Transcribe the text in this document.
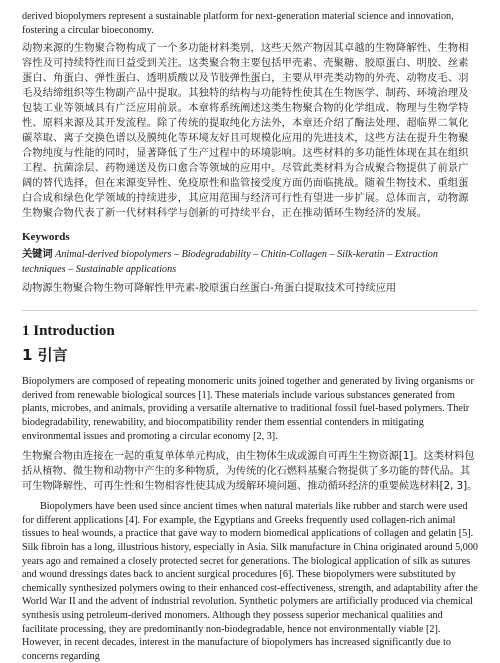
derived biopolymers represent a sustainable platform for next-generation material science and innovation, fostering a circular bioeconomy.

动物来源的生物聚合物构成了一个多功能材料类别，这些天然产物因其卓越的生物降解性、生物相容性及可持续特性而日益受到关注。这类聚合物主要包括甲壳素、壳聚糖、胶原蛋白、明胶、丝素蛋白、角蛋白、弹性蛋白、透明质酸以及节肢弹性蛋白，主要从甲壳类动物的外壳、动物皮毛、羽毛及结缔组织等生物副产品中提取。其独特的结构与功能特性使其在生物医学、制药、环境治理及包装工业等领域具有广泛应用前景。本章将系统阐述这类生物聚合物的化学组成、物理与生物学特性、原料来源及其开发流程。除了传统的提取纯化方法外，本章还介绍了酶法处理、超临界二氧化碳萃取、离子交换色谱以及膜纯化等环境友好且可规模化应用的先进技术，这些方法在提升生物聚合物纯度与性能的同时，显著降低了生产过程中的环境影响。这些材料的多功能性体现在其在组织工程、抗菌涂层、药物递送及伤口愈合等领域的应用中。尽管此类材料为合成聚合物提供了前景广阔的替代选择，但在来源变异性、免疫原性和监管接受度方面仍面临挑战。随着生物技术、重组蛋白合成和绿色化学领域的持续进步，其应用范围与经济可行性有望进一步扩展。总体而言，动物源生物聚合物代表了新一代材料科学与创新的可持续平台，正在推动循环生物经济的发展。

Keywords

关键词 Animal-derived biopolymers – Biodegradability – Chitin-Collagen – Silk-keratin – Extraction techniques – Sustainable applications

动物源生物聚合物生物可降解性甲壳素-胶原蛋白丝蛋白-角蛋白提取技术可持续应用

1 Introduction
1 引言

Biopolymers are composed of repeating monomeric units joined together and generated by living organisms or derived from renewable biological sources [1]. These materials include various substances generated from plants, microbes, and animals, providing a versatile alternative to traditional fossil fuel-based polymers. Their biodegradability, renewability, and biocompatibility render them essential contenders in mitigating environmental issues and promoting a circular economy [2, 3].

生物聚合物由连接在一起的重复单体单元构成，由生物体生成或源自可再生生物资源[1]。这类材料包括从植物、微生物和动物中产生的多种物质，为传统的化石燃料基聚合物提供了多功能的替代品。其可生物降解性、可再生性和生物相容性使其成为缓解环境问题、推动循环经济的重要候选材料[2, 3]。

Biopolymers have been used since ancient times when natural materials like rubber and starch were used for different applications [4]. For example, the Egyptians and Greeks frequently used collagen-rich animal tissues to heal wounds, a practice that gave way to modern biomedical applications of collagen and gelatin [5]. Silk fibroin has a long, illustrious history, especially in Asia. Silk manufacture in China originated around 5,000 years ago and remained a closely protected secret for generations. The biological application of silk as sutures and wound dressings dates back to ancient surgical procedures [6]. These biopolymers were substituted by chemically synthesized polymers owing to their enhanced cost-effectiveness, strength, and adaptability after the World War II and the advent of industrial revolution. Synthetic polymers are artificially produced via chemical synthesis using petroleum-derived monomers. Although they possess superior mechanical qualities and facilitate processing, they are predominantly non-biodegradable, hence not environmentally viable [2]. However, in recent decades, interest in the manufacture of biopolymers has increased significantly due to concerns regarding
